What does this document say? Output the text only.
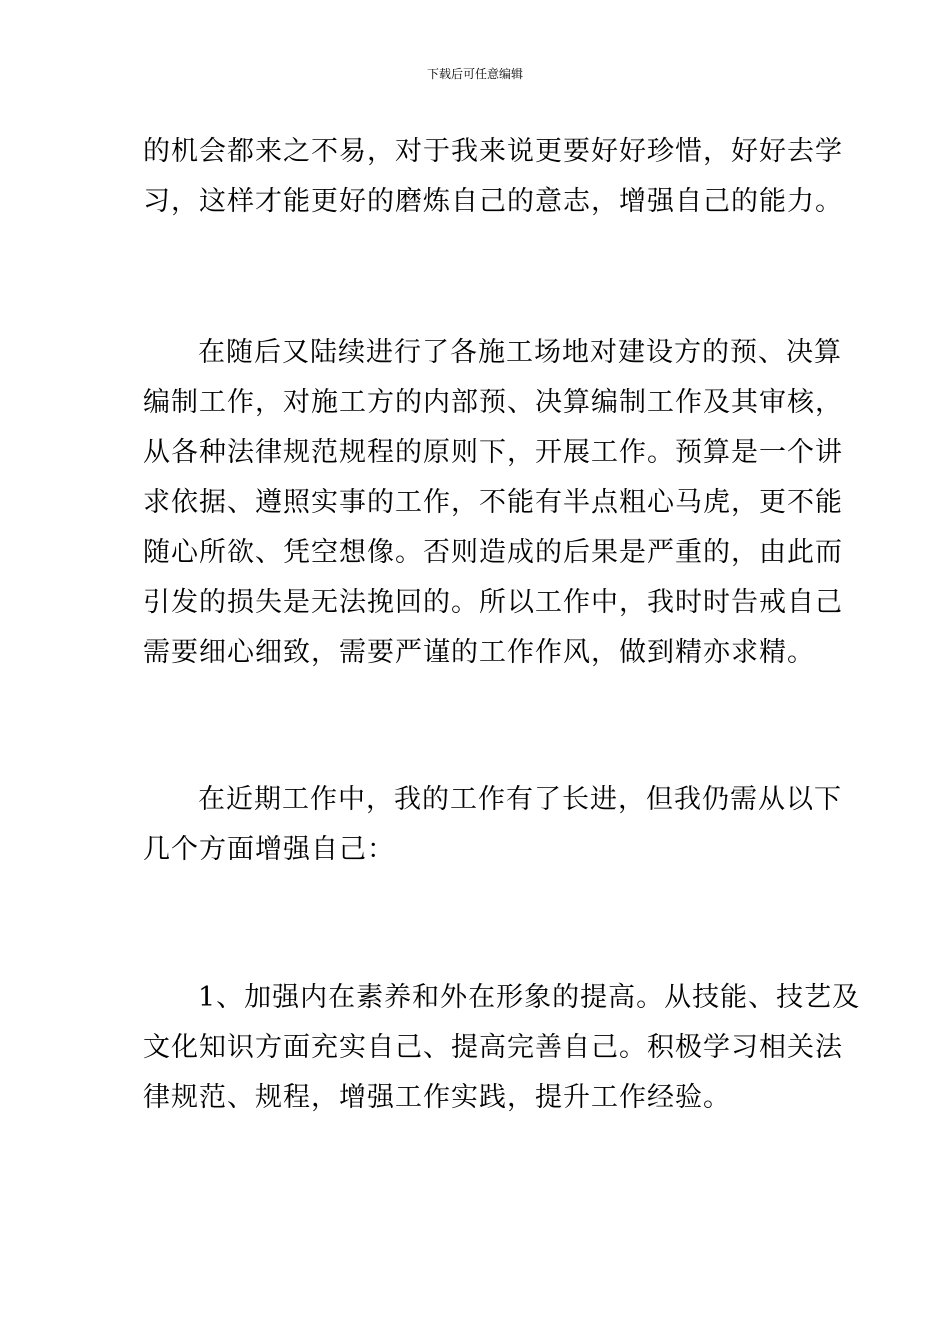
下载后可任意编辑
的机会都来之不易，对于我来说更要好好珍惜，好好去学
习，这样才能更好的磨炼自己的意志，增强自己的能力。
在随后又陆续进行了各施工场地对建设方的预、决算
编制工作，对施工方的内部预、决算编制工作及其审核，
从各种法律规范规程的原则下，开展工作。预算是一个讲
求依据、遵照实事的工作，不能有半点粗心马虎，更不能
随心所欲、凭空想像。否则造成的后果是严重的，由此而
引发的损失是无法挽回的。所以工作中，我时时告戒自己
需要细心细致，需要严谨的工作作风，做到精亦求精。
在近期工作中，我的工作有了长进，但我仍需从以下
几个方面增强自己：
1、加强内在素养和外在形象的提高。从技能、技艺及
文化知识方面充实自己、提高完善自己。积极学习相关法
律规范、规程，增强工作实践，提升工作经验。
